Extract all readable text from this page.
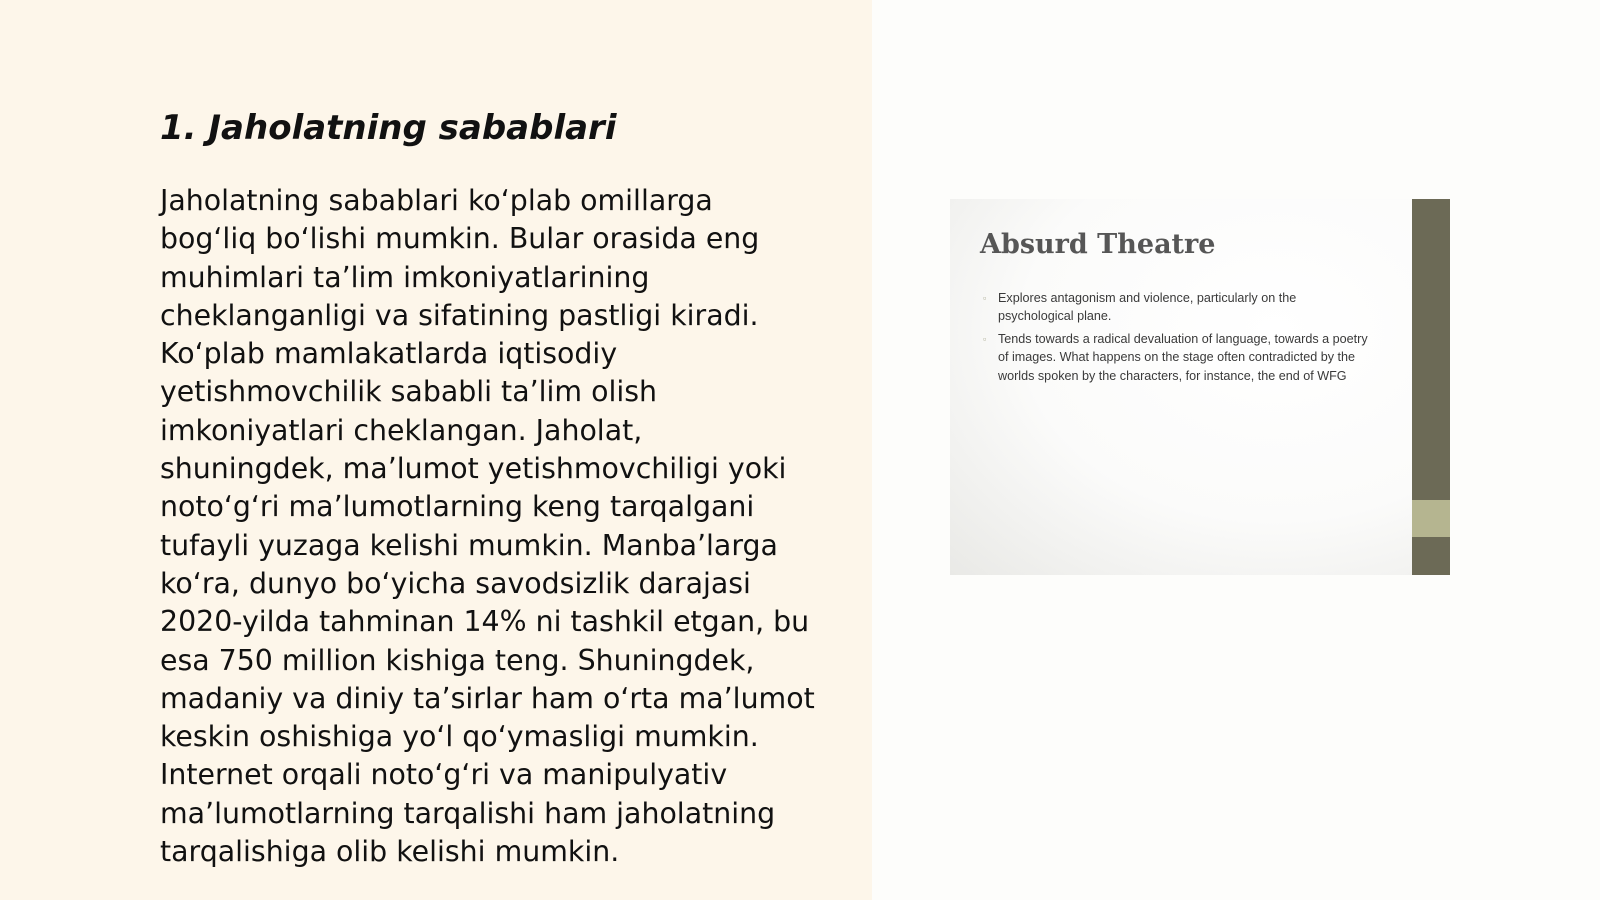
1. Jaholatning sabablari

Jaholatning sabablari koʻplab omillarga
bogʻliq boʻlishi mumkin. Bular orasida eng
muhimlari taʼlim imkoniyatlarining
cheklanganligi va sifatining pastligi kiradi.
Koʻplab mamlakatlarda iqtisodiy
yetishmovchilik sababli taʼlim olish
imkoniyatlari cheklangan. Jaholat,
shuningdek, maʼlumot yetishmovchiligi yoki
notoʻgʻri maʼlumotlarning keng tarqalgani
tufayli yuzaga kelishi mumkin. Manbaʼlarga
koʻra, dunyo boʻyicha savodsizlik darajasi
2020-yilda tahminan 14% ni tashkil etgan, bu
esa 750 million kishiga teng. Shuningdek,
madaniy va diniy taʼsirlar ham oʻrta maʼlumot
keskin oshishiga yoʻl qoʻymasligi mumkin.
Internet orqali notoʻgʻri va manipulyativ
maʼlumotlarning tarqalishi ham jaholatning
tarqalishiga olib kelishi mumkin.

Absurd Theatre
▫ Explores antagonism and violence, particularly on the psychological plane.
▫ Tends towards a radical devaluation of language, towards a poetry of images. What happens on the stage often contradicted by the worlds spoken by the characters, for instance, the end of WFG
